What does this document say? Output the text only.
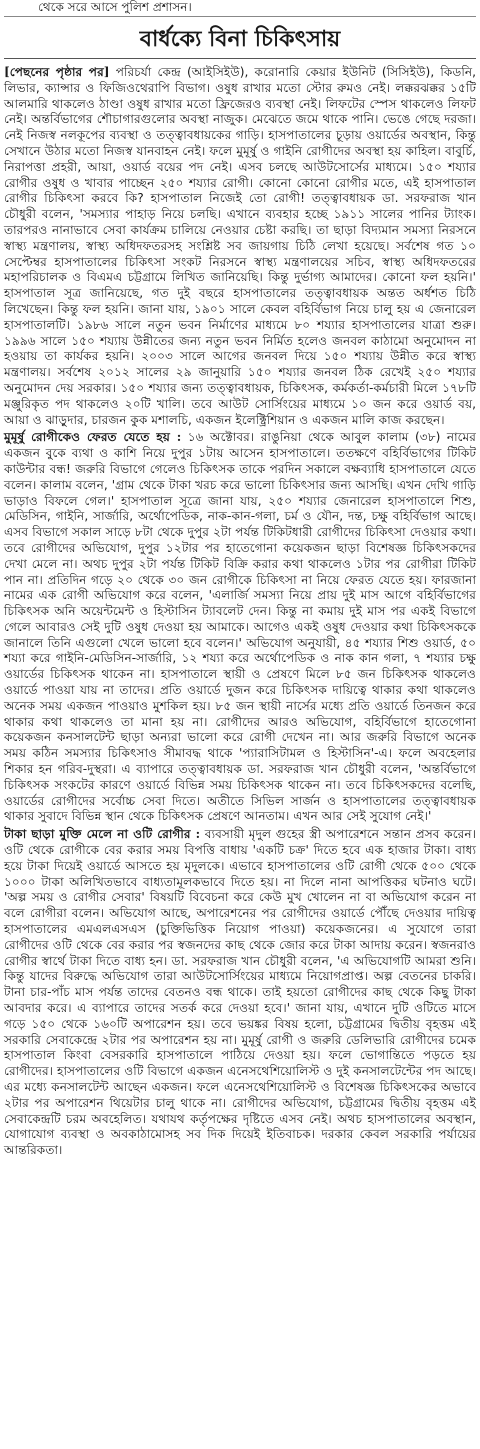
থেকে সরে আসে পুলিশ প্রশাসন।
বার্ধক্যে বিনা চিকিৎসায়

[পেছনের পৃষ্ঠার পর] পরিচর্যা কেন্দ্র (আইসিইউ), করোনারি কেয়ার ইউনিট (সিসিইউ), কিডনি, লিভার, ক্যান্সার ও ফিজিওথেরাপি বিভাগ। ওষুধ রাখার মতো স্টোর রুমও নেই। লক্করঝক্কর ১৫টি আলমারি থাকলেও ঠাণ্ডা ওষুধ রাখার মতো ফ্রিজেরও ব্যবস্থা নেই। লিফটের স্পেস থাকলেও লিফট নেই। অন্তর্বিভাগের শৌচাগারগুলোর অবস্থা নাজুক। মেঝেতে জমে থাকে পানি। ভেঙে গেছে দরজা। নেই নিজস্ব নলকূপের ব্যবস্থা ও তত্ত্বাবধায়কের গাড়ি। হাসপাতালের চূড়ায় ওয়ার্ডের অবস্থান, কিন্তু সেখানে উঠার মতো নিজস্ব যানবাহন নেই। ফলে মুমূর্ষু ও গাইনি রোগীদের অবস্থা হয় কাহিল। বাবুর্চি, নিরাপত্তা প্রহরী, আয়া, ওয়ার্ড বয়ের পদ নেই। এসব চলছে আউটসোর্সের মাধ্যমে। ১৫০ শয্যার রোগীর ওষুধ ও খাবার পাচ্ছেন ২৫০ শয্যার রোগী। কোনো কোনো রোগীর মতে, এই হাসপাতাল রোগীর চিকিৎসা করবে কি? হাসপাতাল নিজেই তো রোগী! তত্ত্বাবধায়ক ডা. সরফরাজ খান চৌধুরী বলেন, 'সমস্যার পাহাড় নিয়ে চলছি। এখানে ব্যবহার হচ্ছে ১৯১১ সালের পানির ট্যাংক। তারপরও নানাভাবে সেবা কার্যক্রম চালিয়ে নেওয়ার চেষ্টা করছি। তা ছাড়া বিদ্যমান সমস্যা নিরসনে স্বাস্থ্য মন্ত্রণালয়, স্বাস্থ্য অধিদফতরসহ সংশ্লিষ্ট সব জায়গায় চিঠি লেখা হয়েছে। সর্বশেষ গত ১০ সেপ্টেম্বর হাসপাতালের চিকিৎসা সংকট নিরসনে স্বাস্থ্য মন্ত্রণালয়ের সচিব, স্বাস্থ্য অধিদফতরের মহাপরিচালক ও বিএমএ চট্টগ্রামে লিখিত জানিয়েছি। কিন্তু দুর্ভাগ্য আমাদের। কোনো ফল হয়নি।' হাসপাতাল সূত্র জানিয়েছে, গত দুই বছরে হাসপাতালের তত্ত্বাবধায়ক অন্তত অর্ধশত চিঠি লিখেছেন। কিন্তু ফল হয়নি। জানা যায়, ১৯০১ সালে কেবল বহির্বিভাগ নিয়ে চালু হয় এ জেনারেল হাসপাতালটি। ১৯৮৬ সালে নতুন ভবন নির্মাণের মাধ্যমে ৮০ শয্যার হাসপাতালের যাত্রা শুরু। ১৯৯৬ সালে ১৫০ শয্যায় উন্নীতের জন্য নতুন ভবন নির্মিত হলেও জনবল কাঠামো অনুমোদন না হওয়ায় তা কার্যকর হয়নি। ২০০৩ সালে আগের জনবল দিয়ে ১৫০ শয্যায় উন্নীত করে স্বাস্থ্য মন্ত্রণালয়। সর্বশেষ ২০১২ সালের ২৯ জানুয়ারি ১৫০ শয্যার জনবল ঠিক রেখেই ২৫০ শয্যার অনুমোদন দেয় সরকার। ১৫০ শয্যার জন্য তত্ত্বাবধায়ক, চিকিৎসক, কর্মকর্তা-কর্মচারী মিলে ১৭৮টি মঞ্জুরিকৃত পদ থাকলেও ২০টি খালি। তবে আউট সোর্সিংয়ের মাধ্যমে ১০ জন করে ওয়ার্ড বয়, আয়া ও ঝাড়ুদার, চারজন কুক মশালচি, একজন ইলেক্ট্রিশিয়ান ও একজন মালি কাজ করছেন।

মুমূর্ষু রোগীকেও ফেরত যেতে হয় : ১৬ অক্টোবর। রাঙুনিয়া থেকে আবুল কালাম (৩৮) নামের একজন বুকে ব্যথা ও কাশি নিয়ে দুপুর ১টায় আসেন হাসপাতালে। ততক্ষণে বহির্বিভাগের টিকিট কাউন্টার বন্ধ! জরুরি বিভাগে গেলেও চিকিৎসক তাকে পরদিন সকালে বক্ষব্যাধি হাসপাতালে যেতে বলেন। কালাম বলেন, 'গ্রাম থেকে টাকা খরচ করে ভালো চিকিৎসার জন্য আসছি। এখন দেখি গাড়ি ভাড়াও বিফলে গেল।' হাসপাতাল সূত্রে জানা যায়, ২৫০ শয্যার জেনারেল হাসপাতালে শিশু, মেডিসিন, গাইনি, সার্জারি, অর্থোপেডিক, নাক-কান-গলা, চর্ম ও যৌন, দন্ত, চক্ষু বহির্বিভাগ আছে। এসব বিভাগে সকাল সাড়ে ৮টা থেকে দুপুর ২টা পর্যন্ত টিকিটধারী রোগীদের চিকিৎসা দেওয়ার কথা। তবে রোগীদের অভিযোগ, দুপুর ১২টার পর হাতেগোনা কয়েকজন ছাড়া বিশেষজ্ঞ চিকিৎসকদের দেখা মেলে না। অথচ দুপুর ২টা পর্যন্ত টিকিট বিক্রি করার কথা থাকলেও ১টার পর রোগীরা টিকিট পান না। প্রতিদিন গড়ে ২০ থেকে ৩০ জন রোগীকে চিকিৎসা না নিয়ে ফেরত যেতে হয়। ফারজানা নামের এক রোগী অভিযোগ করে বলেন, 'এলার্জি সমস্যা নিয়ে প্রায় দুই মাস আগে বহির্বিভাগের চিকিৎসক অনি অয়েন্টমেন্ট ও হিস্টাসিন ট্যাবলেট দেন। কিন্তু না কমায় দুই মাস পর একই বিভাগে গেলে আবারও সেই দুটি ওষুধ দেওয়া হয় আমাকে। আগেও একই ওষুধ দেওয়ার কথা চিকিৎসককে জানালে তিনি এগুলো খেলে ভালো হবে বলেন।' অভিযোগ অনুযায়ী, ৪৫ শয্যার শিশু ওয়ার্ড, ৫০ শয্যা করে গাইনি-মেডিসিন-সার্জারি, ১২ শয্যা করে অর্থোপেডিক ও নাক কান গলা, ৭ শয্যার চক্ষু ওয়ার্ডের চিকিৎসক থাকেন না। হাসপাতালে স্থায়ী ও প্রেষণে মিলে ৮৫ জন চিকিৎসক থাকলেও ওয়ার্ডে পাওয়া যায় না তাদের। প্রতি ওয়ার্ডে দুজন করে চিকিৎসক দায়িত্বে থাকার কথা থাকলেও অনেক সময় একজন পাওয়াও মুশকিল হয়। ৮৫ জন স্থায়ী নার্সের মধ্যে প্রতি ওয়ার্ডে তিনজন করে থাকার কথা থাকলেও তা মানা হয় না। রোগীদের আরও অভিযোগ, বহির্বিভাগে হাতেগোনা কয়েকজন কনসালটেন্ট ছাড়া অন্যরা ভালো করে রোগী দেখেন না। আর জরুরি বিভাগে অনেক সময় কঠিন সমস্যার চিকিৎসাও সীমাবদ্ধ থাকে 'প্যারাসিটামল ও হিস্টাসিন'-এ। ফলে অবহেলার শিকার হন গরিব-দুস্থরা। এ ব্যাপারে তত্ত্বাবধায়ক ডা. সরফরাজ খান চৌধুরী বলেন, 'অন্তর্বিভাগে চিকিৎসক সংকটের কারণে ওয়ার্ডে বিভিন্ন সময় চিকিৎসক থাকেন না। তবে চিকিৎসকদের বলেছি, ওয়ার্ডের রোগীদের সর্বোচ্চ সেবা দিতে। অতীতে সিভিল সার্জন ও হাসপাতালের তত্ত্বাবধায়ক থাকার সুবাদে বিভিন্ন স্থান থেকে চিকিৎসক প্রেষণে আনতাম। এখন আর সেই সুযোগ নেই।'

টাকা ছাড়া মুক্তি মেলে না ওটি রোগীর : ব্যবসায়ী মৃদুল গুহের স্ত্রী অপারেশনে সন্তান প্রসব করেন। ওটি থেকে রোগীকে বের করার সময় বিপত্তি বাধায় 'একটি চক্র' দিতে হবে এক হাজার টাকা। বাধ্য হয়ে টাকা দিয়েই ওয়ার্ডে আসতে হয় মৃদুলকে। এভাবে হাসপাতালের ওটি রোগী থেকে ৫০০ থেকে ১০০০ টাকা অলিখিতভাবে বাধ্যতামূলকভাবে দিতে হয়। না দিলে নানা আপত্তিকর ঘটনাও ঘটে। 'অল্প সময় ও রোগীর সেবার' বিষয়টি বিবেচনা করে কেউ মুখ খোলেন না বা অভিযোগ করেন না বলে রোগীরা বলেন। অভিযোগ আছে, অপারেশনের পর রোগীদের ওয়ার্ডে পৌঁছে দেওয়ার দায়িত্ব হাসপাতালের এমএলএসএস (চুক্তিভিত্তিক নিয়োগ পাওয়া) কয়েকজনের। এ সুযোগে তারা রোগীদের ওটি থেকে বের করার পর স্বজনদের কাছ থেকে জোর করে টাকা আদায় করেন। স্বজনরাও রোগীর স্বার্থে টাকা দিতে বাধ্য হন। ডা. সরফরাজ খান চৌধুরী বলেন, 'এ অভিযোগটি আমরা শুনি। কিন্তু যাদের বিরুদ্ধে অভিযোগ তারা আউটসোর্সিংয়ের মাধ্যমে নিয়োগপ্রাপ্ত। অল্প বেতনের চাকরি। টানা চার-পাঁচ মাস পর্যন্ত তাদের বেতনও বন্ধ থাকে। তাই হয়তো রোগীদের কাছ থেকে কিছু টাকা আবদার করে। এ ব্যাপারে তাদের সতর্ক করে দেওয়া হবে।' জানা যায়, এখানে দুটি ওটিতে মাসে গড়ে ১৫০ থেকে ১৬০টি অপারেশন হয়। তবে ভয়ঙ্কর বিষয় হলো, চট্টগ্রামের দ্বিতীয় বৃহত্তম এই সরকারি সেবাকেন্দ্রে ২টার পর অপারেশন হয় না। মুমূর্ষু রোগী ও জরুরি ডেলিভারি রোগীদের চমেক হাসপাতাল কিংবা বেসরকারি হাসপাতালে পাঠিয়ে দেওয়া হয়। ফলে ভোগান্তিতে পড়তে হয় রোগীদের। হাসপাতালের ওটি বিভাগে একজন এনেসথেশিয়োলিস্ট ও দুই কনসালটেন্টের পদ আছে। এর মধ্যে কনসালটেন্ট আছেন একজন। ফলে এনেসথেশিয়োলিস্ট ও বিশেষজ্ঞ চিকিৎসকের অভাবে ২টার পর অপারেশন থিয়েটার চালু থাকে না। রোগীদের অভিযোগ, চট্টগ্রামের দ্বিতীয় বৃহত্তম এই সেবাকেন্দ্রটি চরম অবহেলিত। যথাযথ কর্তৃপক্ষের দৃষ্টিতে এসব নেই। অথচ হাসপাতালের অবস্থান, যোগাযোগ ব্যবস্থা ও অবকাঠামোসহ সব দিক দিয়েই ইতিবাচক। দরকার কেবল সরকারি পর্যায়ের আন্তরিকতা।
